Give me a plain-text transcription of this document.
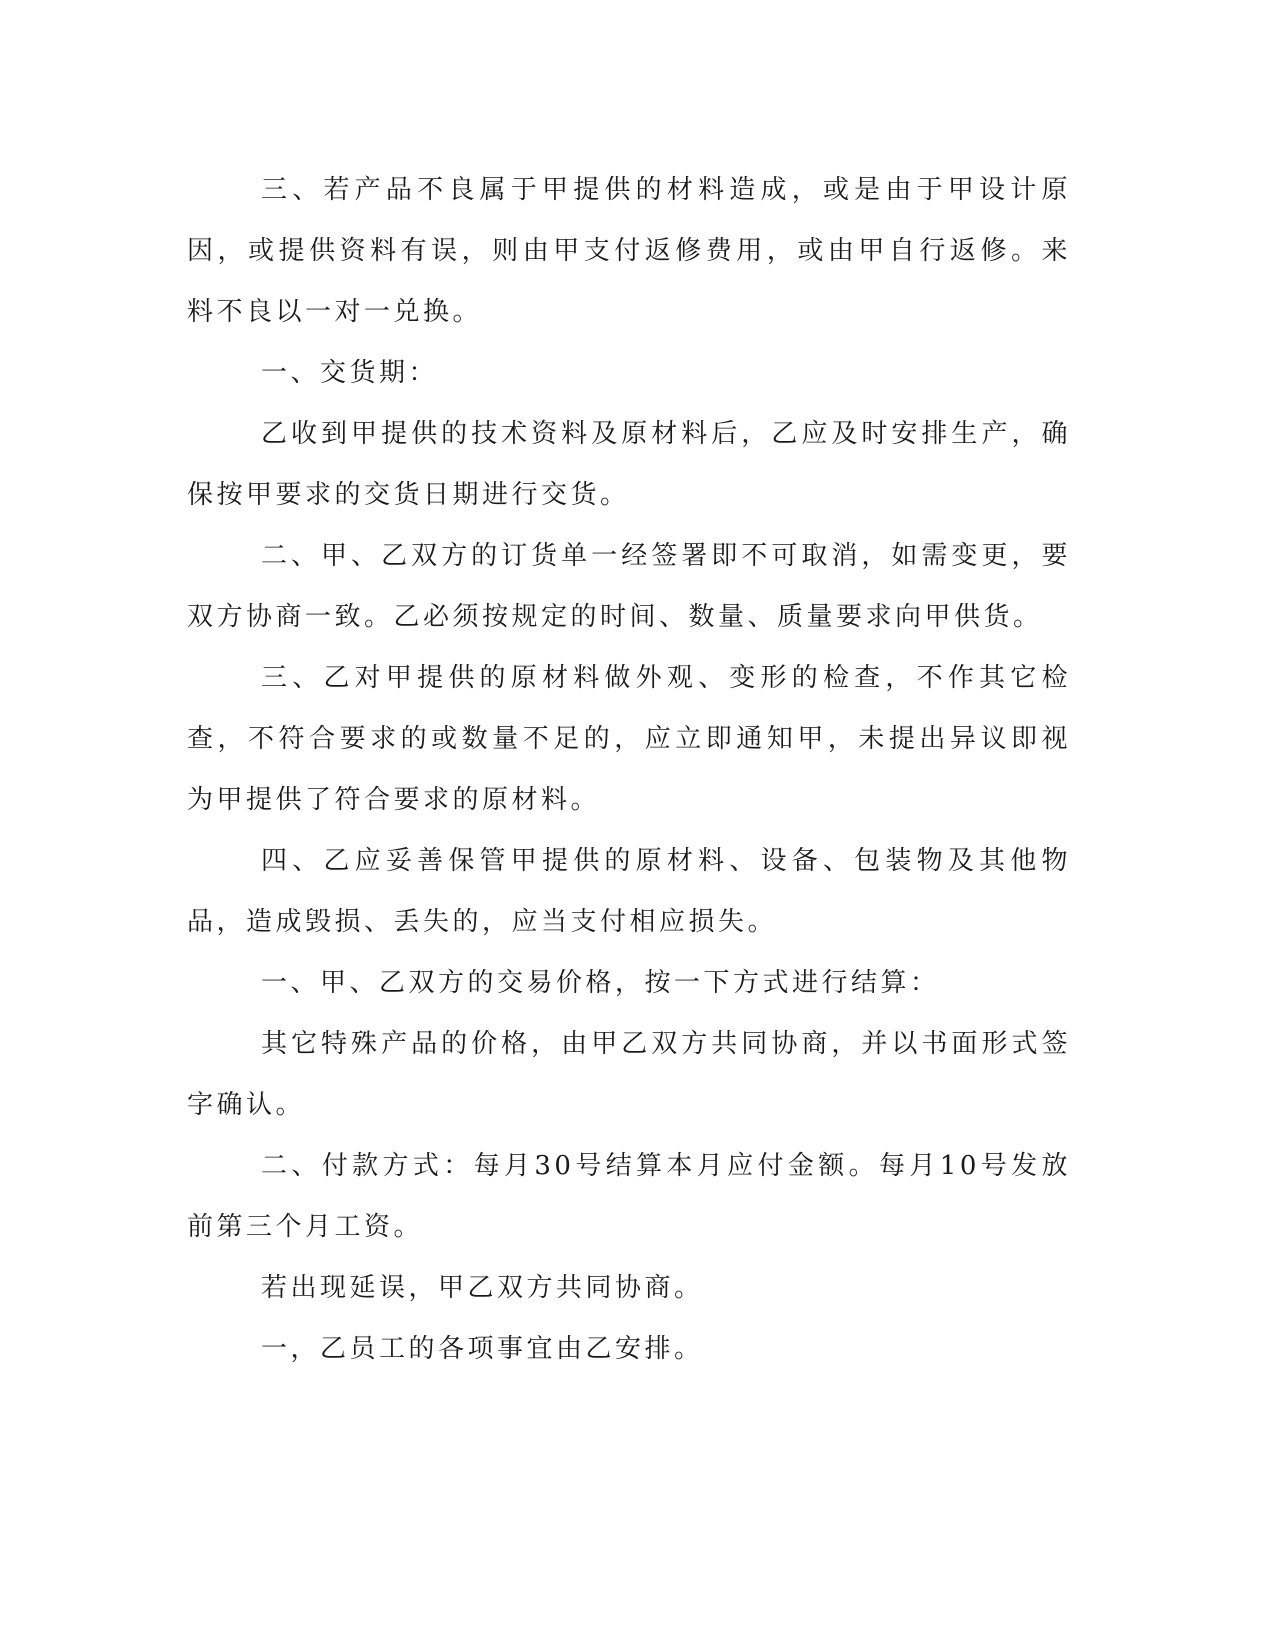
三、若产品不良属于甲提供的材料造成，或是由于甲设计原因，或提供资料有误，则由甲支付返修费用，或由甲自行返修。来料不良以一对一兑换。

一、交货期：

乙收到甲提供的技术资料及原材料后，乙应及时安排生产，确保按甲要求的交货日期进行交货。

二、甲、乙双方的订货单一经签署即不可取消，如需变更，要双方协商一致。乙必须按规定的时间、数量、质量要求向甲供货。

三、乙对甲提供的原材料做外观、变形的检查，不作其它检查，不符合要求的或数量不足的，应立即通知甲，未提出异议即视为甲提供了符合要求的原材料。

四、乙应妥善保管甲提供的原材料、设备、包装物及其他物品，造成毁损、丢失的，应当支付相应损失。

一、甲、乙双方的交易价格，按一下方式进行结算：

其它特殊产品的价格，由甲乙双方共同协商，并以书面形式签字确认。

二、付款方式：每月30号结算本月应付金额。每月10号发放前第三个月工资。

若出现延误，甲乙双方共同协商。

一，乙员工的各项事宜由乙安排。
